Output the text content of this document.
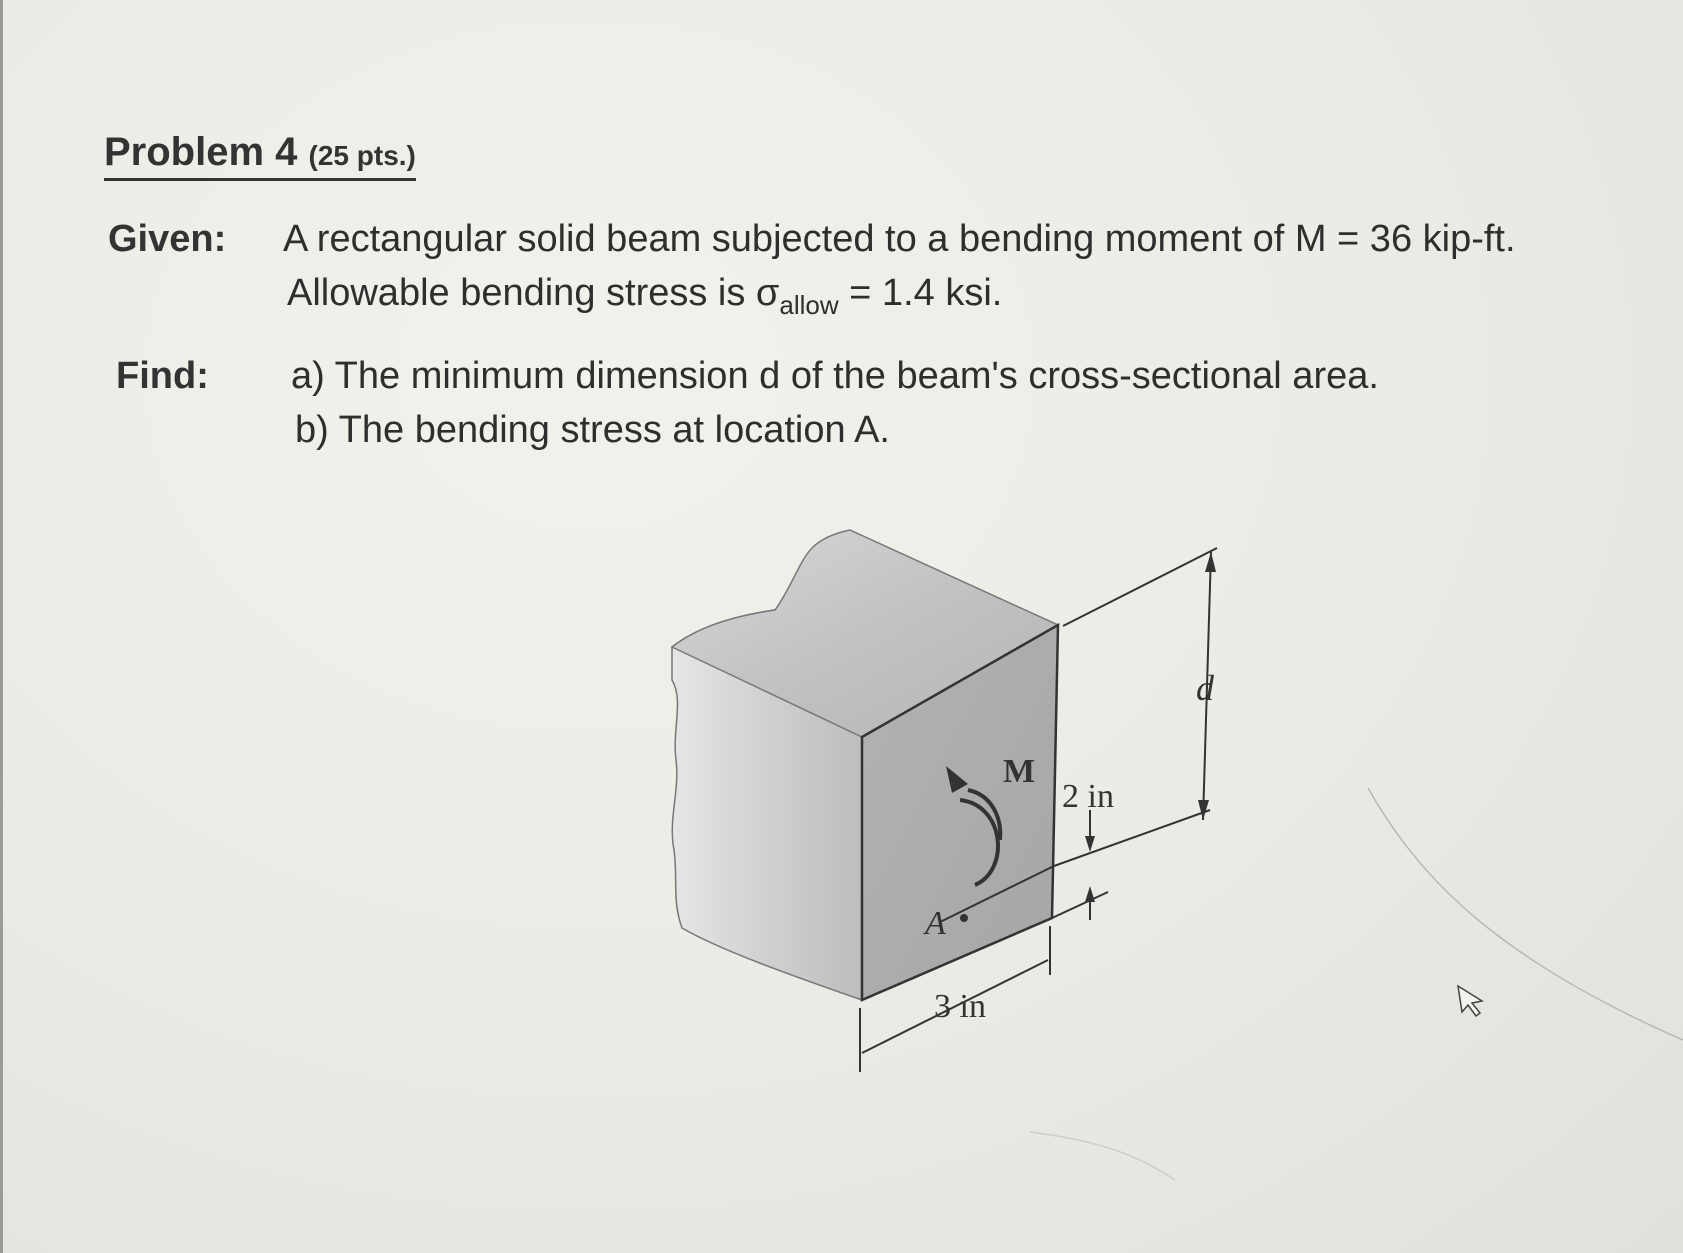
Problem 4 (25 pts.)
Given: A rectangular solid beam subjected to a bending moment of M = 36 kip-ft.
Allowable bending stress is $\sigma_{allow} = 1.4$ ksi.
Find: a) The minimum dimension d of the beam's cross-sectional area.
b) The bending stress at location A.
M
A
3 in
2 in
d
